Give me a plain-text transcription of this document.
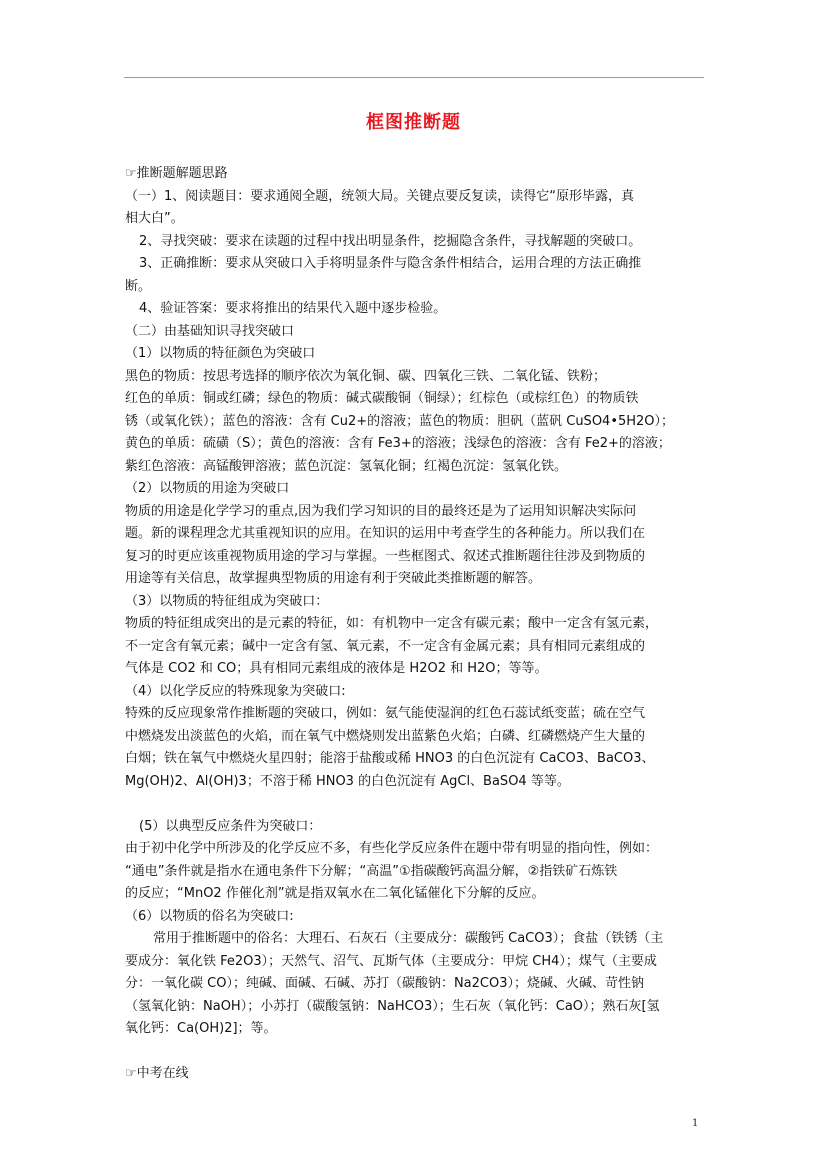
框图推断题
☞推断题解题思路
（一）1、阅读题目：要求通阅全题，统领大局。关键点要反复读，读得它“原形毕露，真
相大白”。
2、寻找突破：要求在读题的过程中找出明显条件，挖掘隐含条件，寻找解题的突破口。
3、正确推断：要求从突破口入手将明显条件与隐含条件相结合，运用合理的方法正确推
断。
4、验证答案：要求将推出的结果代入题中逐步检验。
（二）由基础知识寻找突破口
（1）以物质的特征颜色为突破口
黑色的物质：按思考选择的顺序依次为氧化铜、碳、四氧化三铁、二氧化锰、铁粉；
红色的单质：铜或红磷；绿色的物质：碱式碳酸铜（铜绿）；红棕色（或棕红色）的物质铁
锈（或氧化铁）；蓝色的溶液：含有 Cu2+的溶液；蓝色的物质：胆矾（蓝矾 CuSO4•5H2O）；
黄色的单质：硫磺（S）；黄色的溶液：含有 Fe3+的溶液；浅绿色的溶液：含有 Fe2+的溶液；
紫红色溶液：高锰酸钾溶液；蓝色沉淀：氢氧化铜；红褐色沉淀：氢氧化铁。
（2）以物质的用途为突破口
物质的用途是化学学习的重点,因为我们学习知识的目的最终还是为了运用知识解决实际问
题。新的课程理念尤其重视知识的应用。在知识的运用中考查学生的各种能力。所以我们在
复习的时更应该重视物质用途的学习与掌握。一些框图式、叙述式推断题往往涉及到物质的
用途等有关信息，故掌握典型物质的用途有利于突破此类推断题的解答。
（3）以物质的特征组成为突破口：
物质的特征组成突出的是元素的特征，如：有机物中一定含有碳元素；酸中一定含有氢元素，
不一定含有氧元素；碱中一定含有氢、氧元素，不一定含有金属元素；具有相同元素组成的
气体是 CO2 和 CO；具有相同元素组成的液体是 H2O2 和 H2O；等等。
（4）以化学反应的特殊现象为突破口:
特殊的反应现象常作推断题的突破口，例如：氨气能使湿润的红色石蕊试纸变蓝；硫在空气
中燃烧发出淡蓝色的火焰，而在氧气中燃烧则发出蓝紫色火焰；白磷、红磷燃烧产生大量的
白烟；铁在氧气中燃烧火星四射；能溶于盐酸或稀 HNO3 的白色沉淀有 CaCO3、BaCO3、
Mg(OH)2、Al(OH)3；不溶于稀 HNO3 的白色沉淀有 AgCl、BaSO4 等等。
(5）以典型反应条件为突破口：
由于初中化学中所涉及的化学反应不多，有些化学反应条件在题中带有明显的指向性，例如：
“通电”条件就是指水在通电条件下分解；“高温”①指碳酸钙高温分解，②指铁矿石炼铁
的反应；“MnO2 作催化剂”就是指双氧水在二氧化锰催化下分解的反应。
（6）以物质的俗名为突破口:
常用于推断题中的俗名：大理石、石灰石（主要成分：碳酸钙 CaCO3）；食盐（铁锈（主
要成分：氧化铁 Fe2O3）；天然气、沼气、瓦斯气体（主要成分：甲烷 CH4）；煤气（主要成
分：一氧化碳 CO）；纯碱、面碱、石碱、苏打（碳酸钠：Na2CO3）；烧碱、火碱、苛性钠
（氢氧化钠：NaOH）；小苏打（碳酸氢钠：NaHCO3）；生石灰（氧化钙：CaO）；熟石灰[氢
氧化钙：Ca(OH)2]；等。
☞中考在线
1
